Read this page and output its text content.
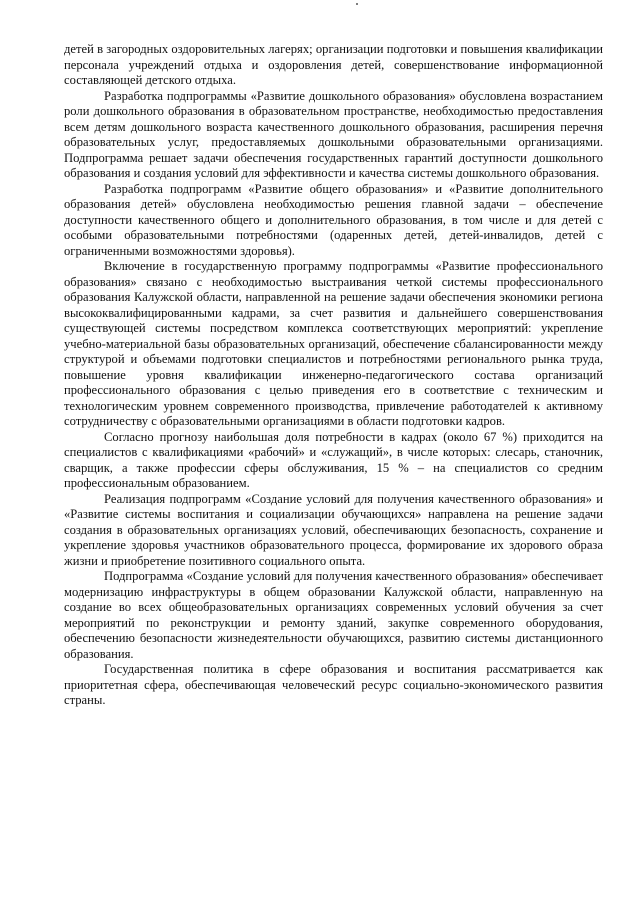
детей в загородных оздоровительных лагерях; организации подготовки и повышения квалификации персонала учреждений отдыха и оздоровления детей, совершенствование информационной составляющей детского отдыха.

Разработка подпрограммы «Развитие дошкольного образования» обусловлена возрастанием роли дошкольного образования в образовательном пространстве, необходимостью предоставления всем детям дошкольного возраста качественного дошкольного образования, расширения перечня образовательных услуг, предоставляемых дошкольными образовательными организациями. Подпрограмма решает задачи обеспечения государственных гарантий доступности дошкольного образования и создания условий для эффективности и качества системы дошкольного образования.

Разработка подпрограмм «Развитие общего образования» и «Развитие дополнительного образования детей» обусловлена необходимостью решения главной задачи – обеспечение доступности качественного общего и дополнительного образования, в том числе и для детей с особыми образовательными потребностями (одаренных детей, детей-инвалидов, детей с ограниченными возможностями здоровья).

Включение в государственную программу подпрограммы «Развитие профессионального образования» связано с необходимостью выстраивания четкой системы профессионального образования Калужской области, направленной на решение задачи обеспечения экономики региона высококвалифицированными кадрами, за счет развития и дальнейшего совершенствования существующей системы посредством комплекса соответствующих мероприятий: укрепление учебно-материальной базы образовательных организаций, обеспечение сбалансированности между структурой и объемами подготовки специалистов и потребностями регионального рынка труда, повышение уровня квалификации инженерно-педагогического состава организаций профессионального образования с целью приведения его в соответствие с техническим и технологическим уровнем современного производства, привлечение работодателей к активному сотрудничеству с образовательными организациями в области подготовки кадров.

Согласно прогнозу наибольшая доля потребности в кадрах (около 67 %) приходится на специалистов с квалификациями «рабочий» и «служащий», в числе которых: слесарь, станочник, сварщик, а также профессии сферы обслуживания, 15 % – на специалистов со средним профессиональным образованием.

Реализация подпрограмм «Создание условий для получения качественного образования» и «Развитие системы воспитания и социализации обучающихся» направлена на решение задачи создания в образовательных организациях условий, обеспечивающих безопасность, сохранение и укрепление здоровья участников образовательного процесса, формирование их здорового образа жизни и приобретение позитивного социального опыта.

Подпрограмма «Создание условий для получения качественного образования» обеспечивает модернизацию инфраструктуры в общем образовании Калужской области, направленную на создание во всех общеобразовательных организациях современных условий обучения за счет мероприятий по реконструкции и ремонту зданий, закупке современного оборудования, обеспечению безопасности жизнедеятельности обучающихся, развитию системы дистанционного образования.

Государственная политика в сфере образования и воспитания рассматривается как приоритетная сфера, обеспечивающая человеческий ресурс социально-экономического развития страны.
